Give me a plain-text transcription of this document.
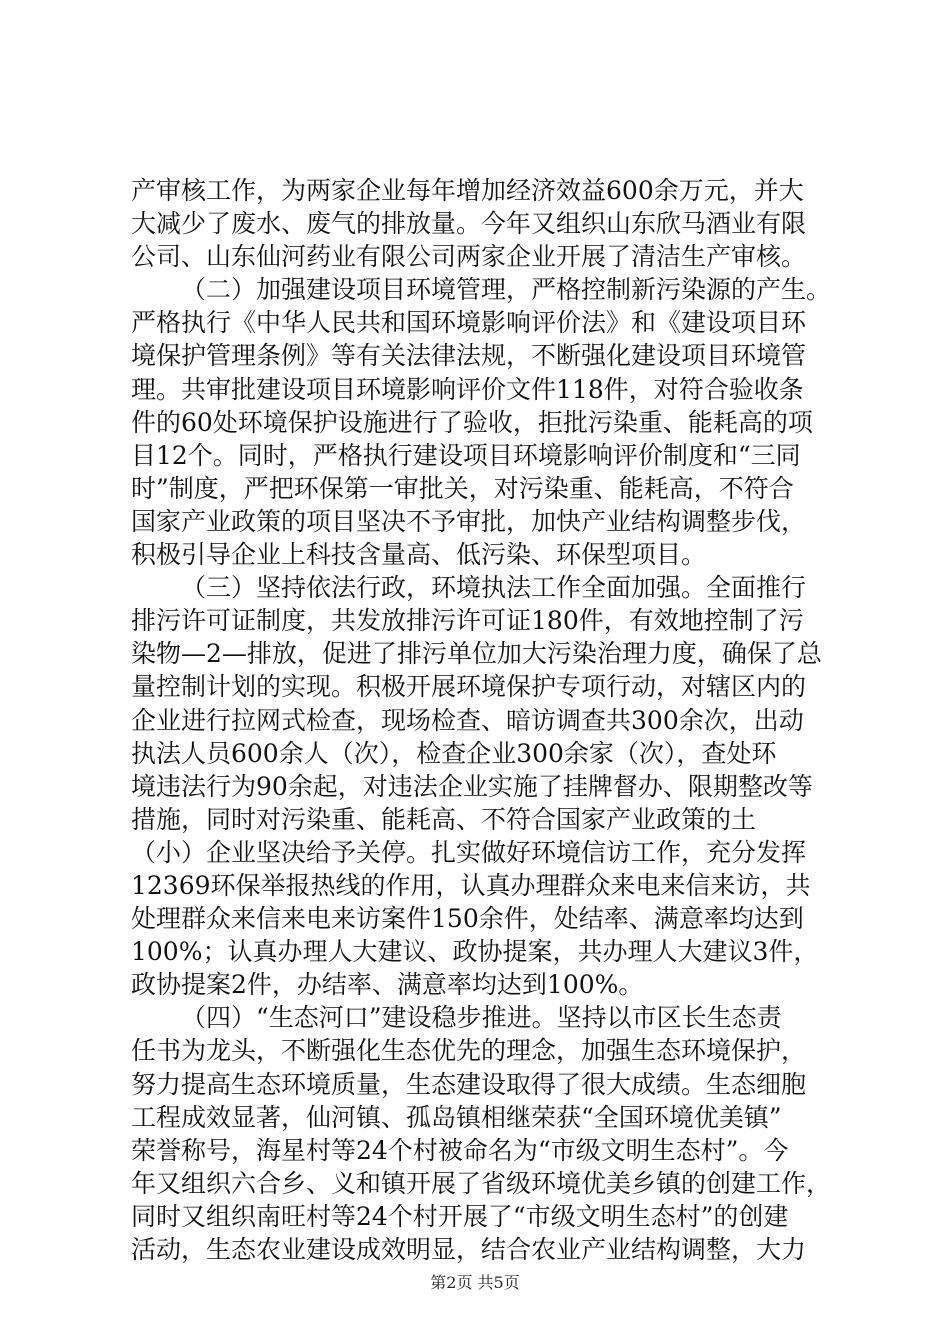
产审核工作，为两家企业每年增加经济效益600余万元，并大
大减少了废水、废气的排放量。今年又组织山东欣马酒业有限
公司、山东仙河药业有限公司两家企业开展了清洁生产审核。
（二）加强建设项目环境管理，严格控制新污染源的产生。
严格执行《中华人民共和国环境影响评价法》和《建设项目环
境保护管理条例》等有关法律法规，不断强化建设项目环境管
理。共审批建设项目环境影响评价文件118件，对符合验收条
件的60处环境保护设施进行了验收，拒批污染重、能耗高的项
目12个。同时，严格执行建设项目环境影响评价制度和“三同
时”制度，严把环保第一审批关，对污染重、能耗高，不符合
国家产业政策的项目坚决不予审批，加快产业结构调整步伐，
积极引导企业上科技含量高、低污染、环保型项目。
（三）坚持依法行政，环境执法工作全面加强。全面推行
排污许可证制度，共发放排污许可证180件，有效地控制了污
染物—2—排放，促进了排污单位加大污染治理力度，确保了总
量控制计划的实现。积极开展环境保护专项行动，对辖区内的
企业进行拉网式检查，现场检查、暗访调查共300余次，出动
执法人员600余人（次），检查企业300余家（次），查处环
境违法行为90余起，对违法企业实施了挂牌督办、限期整改等
措施，同时对污染重、能耗高、不符合国家产业政策的土
（小）企业坚决给予关停。扎实做好环境信访工作，充分发挥
12369环保举报热线的作用，认真办理群众来电来信来访，共
处理群众来信来电来访案件150余件，处结率、满意率均达到
100%；认真办理人大建议、政协提案，共办理人大建议3件，
政协提案2件，办结率、满意率均达到100%。
（四）“生态河口”建设稳步推进。坚持以市区长生态责
任书为龙头，不断强化生态优先的理念，加强生态环境保护，
努力提高生态环境质量，生态建设取得了很大成绩。生态细胞
工程成效显著，仙河镇、孤岛镇相继荣获“全国环境优美镇”
荣誉称号，海星村等24个村被命名为“市级文明生态村”。今
年又组织六合乡、义和镇开展了省级环境优美乡镇的创建工作，
同时又组织南旺村等24个村开展了“市级文明生态村”的创建
活动，生态农业建设成效明显，结合农业产业结构调整，大力
第2页 共5页
